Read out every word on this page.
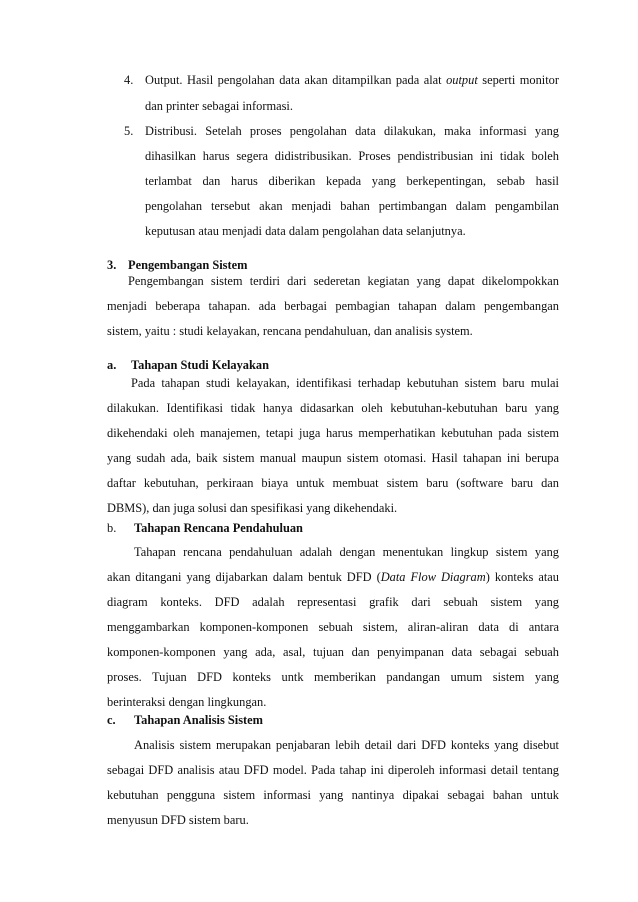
4. Output. Hasil pengolahan data akan ditampilkan pada alat output seperti monitor
dan printer sebagai informasi.
5. Distribusi. Setelah proses pengolahan data dilakukan, maka informasi yang
dihasilkan harus segera didistribusikan. Proses pendistribusian ini tidak boleh
terlambat dan harus diberikan kepada yang berkepentingan, sebab hasil
pengolahan tersebut akan menjadi bahan pertimbangan dalam pengambilan
keputusan atau menjadi data dalam pengolahan data selanjutnya.
3. Pengembangan Sistem
Pengembangan sistem terdiri dari sederetan kegiatan yang dapat dikelompokkan
menjadi beberapa tahapan. ada berbagai pembagian tahapan dalam pengembangan
sistem, yaitu : studi kelayakan, rencana pendahuluan, dan analisis system.
a. Tahapan Studi Kelayakan
Pada tahapan studi kelayakan, identifikasi terhadap kebutuhan sistem baru mulai
dilakukan. Identifikasi tidak hanya didasarkan oleh kebutuhan-kebutuhan baru yang
dikehendaki oleh manajemen, tetapi juga harus memperhatikan kebutuhan pada sistem
yang sudah ada, baik sistem manual maupun sistem otomasi. Hasil tahapan ini berupa
daftar kebutuhan, perkiraan biaya untuk membuat sistem baru (software baru dan
DBMS), dan juga solusi dan spesifikasi yang dikehendaki.
b. Tahapan Rencana Pendahuluan
Tahapan rencana pendahuluan adalah dengan menentukan lingkup sistem yang
akan ditangani yang dijabarkan dalam bentuk DFD (Data Flow Diagram) konteks atau
diagram konteks. DFD adalah representasi grafik dari sebuah sistem yang
menggambarkan komponen-komponen sebuah sistem, aliran-aliran data di antara
komponen-komponen yang ada, asal, tujuan dan penyimpanan data sebagai sebuah
proses. Tujuan DFD konteks untk memberikan pandangan umum sistem yang
berinteraksi dengan lingkungan.
c. Tahapan Analisis Sistem
Analisis sistem merupakan penjabaran lebih detail dari DFD konteks yang disebut
sebagai DFD analisis atau DFD model. Pada tahap ini diperoleh informasi detail tentang
kebutuhan pengguna sistem informasi yang nantinya dipakai sebagai bahan untuk
menyusun DFD sistem baru.
